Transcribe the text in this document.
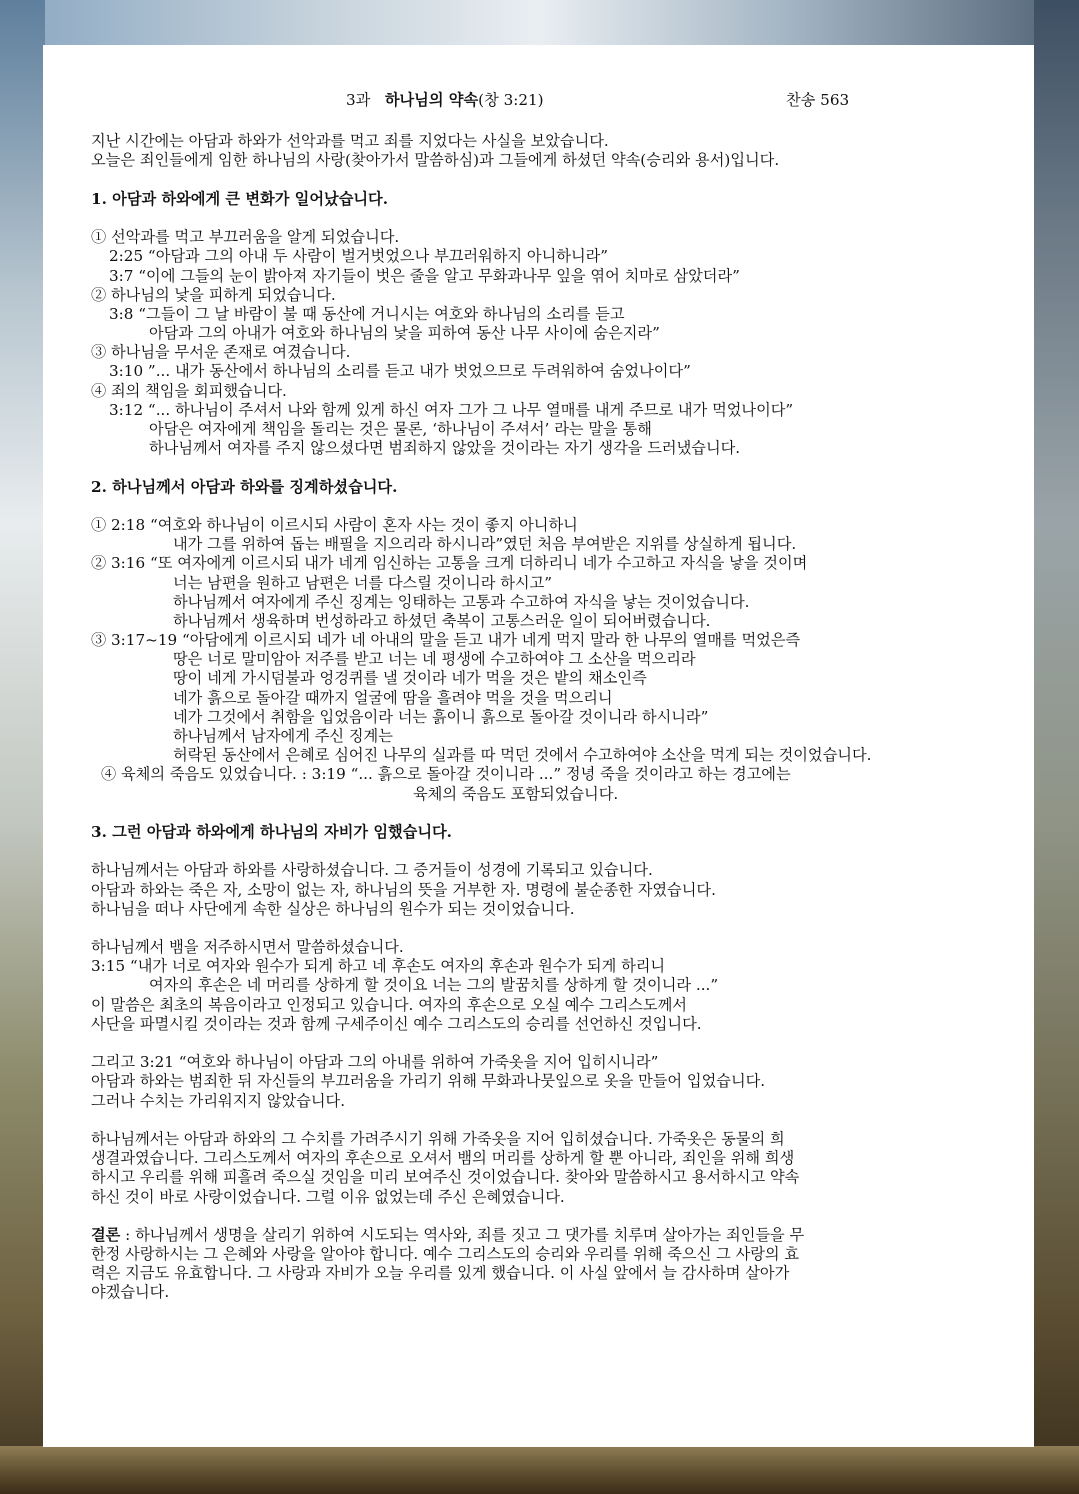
3과 하나님의 약속(창 3:21)	찬송 563

지난 시간에는 아담과 하와가 선악과를 먹고 죄를 지었다는 사실을 보았습니다.

오늘은 죄인들에게 임한 하나님의 사랑(찾아가서 말씀하심)과 그들에게 하셨던 약속(승리와 용서)입니다.

1. 아담과 하와에게 큰 변화가 일어났습니다.

① 선악과를 먹고 부끄러움을 알게 되었습니다.

2:25 “아담과 그의 아내 두 사람이 벌거벗었으나 부끄러워하지 아니하니라”

3:7 “이에 그들의 눈이 밝아져 자기들이 벗은 줄을 알고 무화과나무 잎을 엮어 치마로 삼았더라”

② 하나님의 낯을 피하게 되었습니다.

3:8 “그들이 그 날 바람이 불 때 동산에 거니시는 여호와 하나님의 소리를 듣고

아담과 그의 아내가 여호와 하나님의 낯을 피하여 동산 나무 사이에 숨은지라”

③ 하나님을 무서운 존재로 여겼습니다.

3:10 ”... 내가 동산에서 하나님의 소리를 듣고 내가 벗었으므로 두려워하여 숨었나이다”

④ 죄의 책임을 회피했습니다.

3:12 “... 하나님이 주셔서 나와 함께 있게 하신 여자 그가 그 나무 열매를 내게 주므로 내가 먹었나이다”

아담은 여자에게 책임을 돌리는 것은 물론, ‘하나님이 주셔서’ 라는 말을 통해

하나님께서 여자를 주지 않으셨다면 범죄하지 않았을 것이라는 자기 생각을 드러냈습니다.

2. 하나님께서 아담과 하와를 징계하셨습니다.

① 2:18 “여호와 하나님이 이르시되 사람이 혼자 사는 것이 좋지 아니하니

내가 그를 위하여 돕는 배필을 지으리라 하시니라”였던 처음 부여받은 지위를 상실하게 됩니다.

② 3:16 “또 여자에게 이르시되 내가 네게 임신하는 고통을 크게 더하리니 네가 수고하고 자식을 낳을 것이며

너는 남편을 원하고 남편은 너를 다스릴 것이니라 하시고”

하나님께서 여자에게 주신 징계는 잉태하는 고통과 수고하여 자식을 낳는 것이었습니다.

하나님께서 생육하며 번성하라고 하셨던 축복이 고통스러운 일이 되어버렸습니다.

③ 3:17~19 “아담에게 이르시되 네가 네 아내의 말을 듣고 내가 네게 먹지 말라 한 나무의 열매를 먹었은즉

땅은 너로 말미암아 저주를 받고 너는 네 평생에 수고하여야 그 소산을 먹으리라

땅이 네게 가시덤불과 엉겅퀴를 낼 것이라 네가 먹을 것은 밭의 채소인즉

네가 흙으로 돌아갈 때까지 얼굴에 땀을 흘려야 먹을 것을 먹으리니

네가 그것에서 취함을 입었음이라 너는 흙이니 흙으로 돌아갈 것이니라 하시니라”

하나님께서 남자에게 주신 징계는

허락된 동산에서 은혜로 심어진 나무의 실과를 따 먹던 것에서 수고하여야 소산을 먹게 되는 것이었습니다.

④ 육체의 죽음도 있었습니다. : 3:19 “... 흙으로 돌아갈 것이니라 ...” 정녕 죽을 것이라고 하는 경고에는

육체의 죽음도 포함되었습니다.

3. 그런 아담과 하와에게 하나님의 자비가 임했습니다.

하나님께서는 아담과 하와를 사랑하셨습니다. 그 증거들이 성경에 기록되고 있습니다.

아담과 하와는 죽은 자, 소망이 없는 자, 하나님의 뜻을 거부한 자. 명령에 불순종한 자였습니다.

하나님을 떠나 사단에게 속한 실상은 하나님의 원수가 되는 것이었습니다.

하나님께서 뱀을 저주하시면서 말씀하셨습니다.

3:15 “내가 너로 여자와 원수가 되게 하고 네 후손도 여자의 후손과 원수가 되게 하리니

여자의 후손은 네 머리를 상하게 할 것이요 너는 그의 발꿈치를 상하게 할 것이니라 ...”

이 말씀은 최초의 복음이라고 인정되고 있습니다. 여자의 후손으로 오실 예수 그리스도께서

사단을 파멸시킬 것이라는 것과 함께 구세주이신 예수 그리스도의 승리를 선언하신 것입니다.

그리고 3:21 “여호와 하나님이 아담과 그의 아내를 위하여 가죽옷을 지어 입히시니라”

아담과 하와는 범죄한 뒤 자신들의 부끄러움을 가리기 위해 무화과나뭇잎으로 옷을 만들어 입었습니다.

그러나 수치는 가리워지지 않았습니다.

하나님께서는 아담과 하와의 그 수치를 가려주시기 위해 가죽옷을 지어 입히셨습니다. 가죽옷은 동물의 희

생결과였습니다. 그리스도께서 여자의 후손으로 오셔서 뱀의 머리를 상하게 할 뿐 아니라, 죄인을 위해 희생

하시고 우리를 위해 피흘려 죽으실 것임을 미리 보여주신 것이었습니다. 찾아와 말씀하시고 용서하시고 약속

하신 것이 바로 사랑이었습니다. 그럴 이유 없었는데 주신 은혜였습니다.

결론 : 하나님께서 생명을 살리기 위하여 시도되는 역사와, 죄를 짓고 그 댓가를 치루며 살아가는 죄인들을 무

한정 사랑하시는 그 은혜와 사랑을 알아야 합니다. 예수 그리스도의 승리와 우리를 위해 죽으신 그 사랑의 효

력은 지금도 유효합니다. 그 사랑과 자비가 오늘 우리를 있게 했습니다. 이 사실 앞에서 늘 감사하며 살아가

야겠습니다.
